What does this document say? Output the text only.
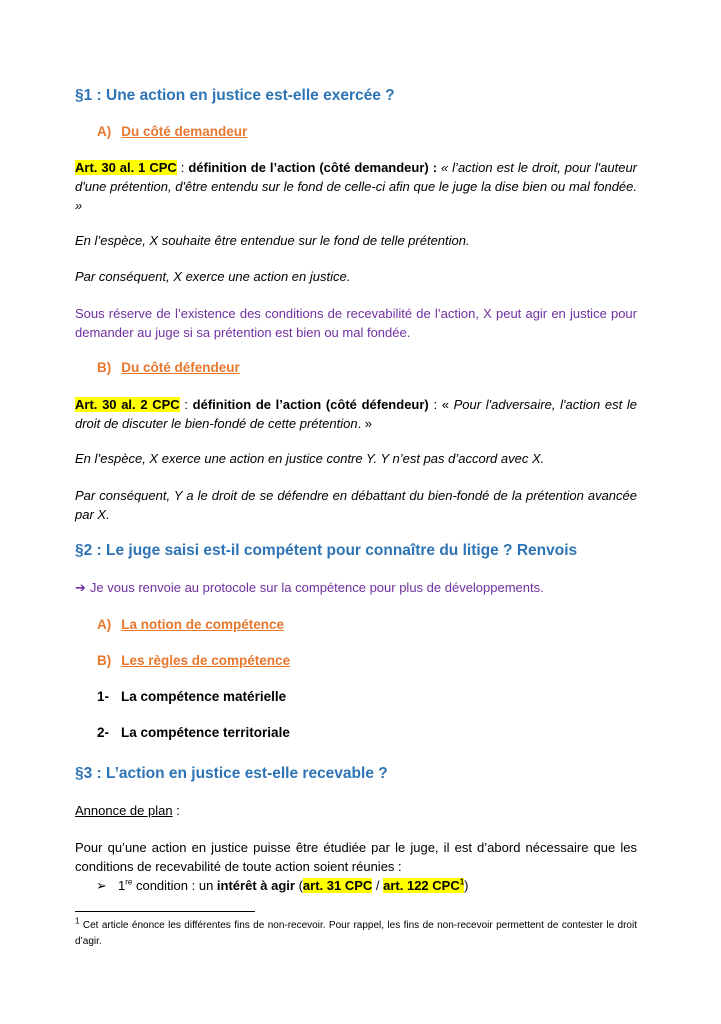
§1 : Une action en justice est-elle exercée ?
A) Du côté demandeur

Art. 30 al. 1 CPC : définition de l’action (côté demandeur) : « l’action est le droit, pour l'auteur d'une prétention, d'être entendu sur le fond de celle-ci afin que le juge la dise bien ou mal fondée. »

En l’espèce, X souhaite être entendue sur le fond de telle prétention.

Par conséquent, X exerce une action en justice.

Sous réserve de l’existence des conditions de recevabilité de l’action, X peut agir en justice pour demander au juge si sa prétention est bien ou mal fondée.

B) Du côté défendeur

Art. 30 al. 2 CPC : définition de l’action (côté défendeur) : « Pour l'adversaire, l'action est le droit de discuter le bien-fondé de cette prétention. »

En l’espèce, X exerce une action en justice contre Y. Y n’est pas d’accord avec X.

Par conséquent, Y a le droit de se défendre en débattant du bien-fondé de la prétention avancée par X.

§2 : Le juge saisi est-il compétent pour connaître du litige ? Renvois

➔ Je vous renvoie au protocole sur la compétence pour plus de développements.

A) La notion de compétence
B) Les règles de compétence
1- La compétence matérielle
2- La compétence territoriale
§3 : L’action en justice est-elle recevable ?

Annonce de plan :

Pour qu’une action en justice puisse être étudiée par le juge, il est d’abord nécessaire que les conditions de recevabilité de toute action soient réunies :

➢ 1re condition : un intérêt à agir (art. 31 CPC / art. 122 CPC$^1$)

$^1$ Cet article énonce les différentes fins de non-recevoir. Pour rappel, les fins de non-recevoir permettent de contester le droit d’agir.
